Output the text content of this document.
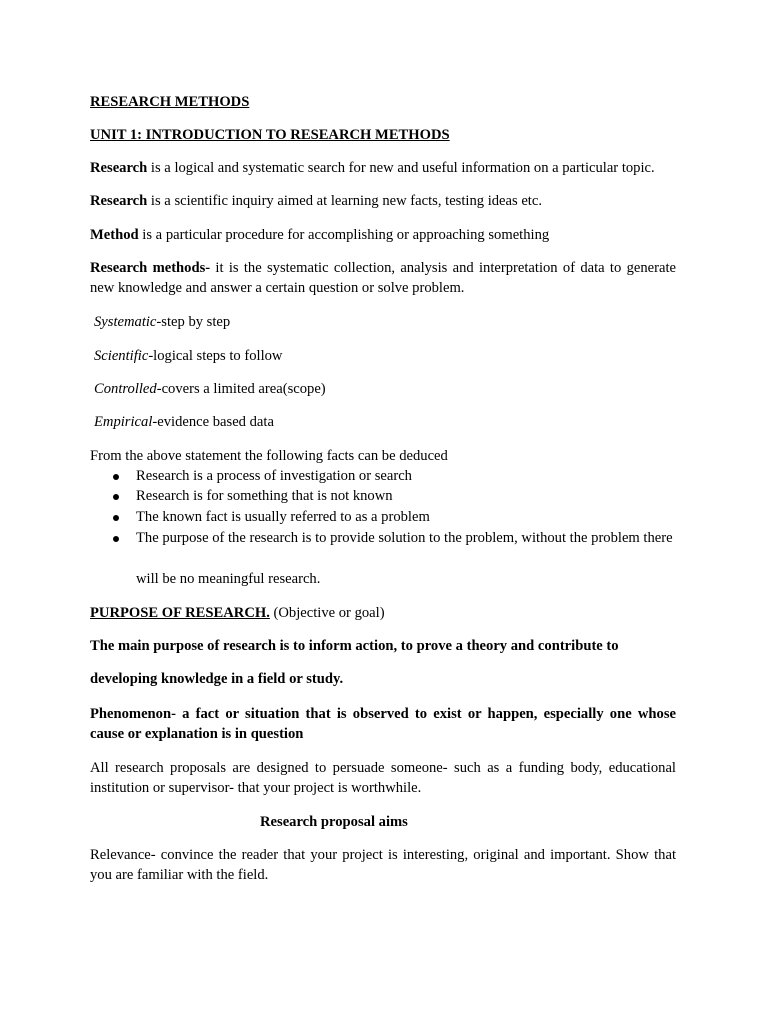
RESEARCH METHODS

UNIT 1: INTRODUCTION TO RESEARCH METHODS

Research is a logical and systematic search for new and useful information on a particular topic.

Research is a scientific inquiry aimed at learning new facts, testing ideas etc.

Method is a particular procedure for accomplishing or approaching something

Research methods- it is the systematic collection, analysis and interpretation of data to generate new knowledge and answer a certain question or solve problem.

Systematic-step by step

Scientific-logical steps to follow

Controlled-covers a limited area(scope)

Empirical-evidence based data

From the above statement the following facts can be deduced

Research is a process of investigation or search
Research is for something that is not known
The known fact is usually referred to as a problem
The purpose of the research is to provide solution to the problem, without the problem there
will be no meaningful research.

PURPOSE OF RESEARCH. (Objective or goal)

The main purpose of research is to inform action, to prove a theory and contribute to

developing knowledge in a field or study.

Phenomenon- a fact or situation that is observed to exist or happen, especially one whose cause or explanation is in question

All research proposals are designed to persuade someone- such as a funding body, educational institution or supervisor- that your project is worthwhile.

Research proposal aims

Relevance- convince the reader that your project is interesting, original and important. Show that you are familiar with the field.
